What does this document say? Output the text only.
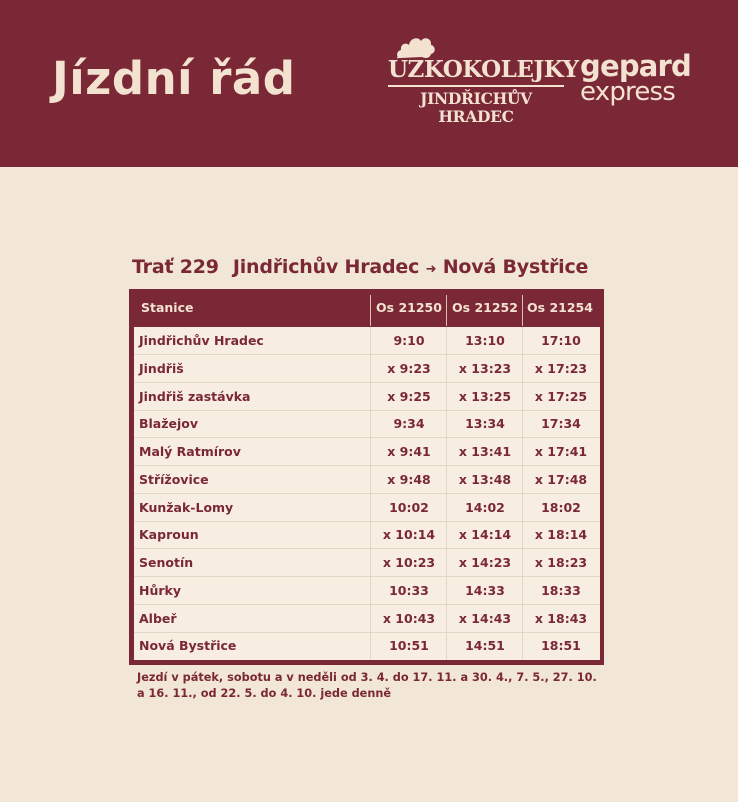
Jízdní řád	ÚZKOKOLEJKY
JINDŘICHŮV HRADEC
gepard
express
Trať 229 Jindřichův Hradec ➜ Nová Bystřice
Stanice	Os 21250 Os 21252 Os 21254
Jindřichův Hradec	9:10	13:10	17:10
Jindřiš	x 9:23	x 13:23	x 17:23
Jindřiš zastávka	x 9:25	x 13:25	x 17:25
Blažejov	9:34	13:34	17:34
Malý Ratmírov	x 9:41	x 13:41	x 17:41
Střížovice	x 9:48	x 13:48	x 17:48
Kunžak-Lomy	10:02	14:02	18:02
Kaproun	x 10:14	x 14:14	x 18:14
Senotín	x 10:23	x 14:23	x 18:23
Hůrky	10:33	14:33	18:33
Albeř	x 10:43	x 14:43	x 18:43
Nová Bystřice	10:51	14:51	18:51
Jezdí v pátek, sobotu a v neděli od 3. 4. do 17. 11. a 30. 4., 7. 5., 27. 10. a 16. 11., od 22. 5. do 4. 10. jede denně
